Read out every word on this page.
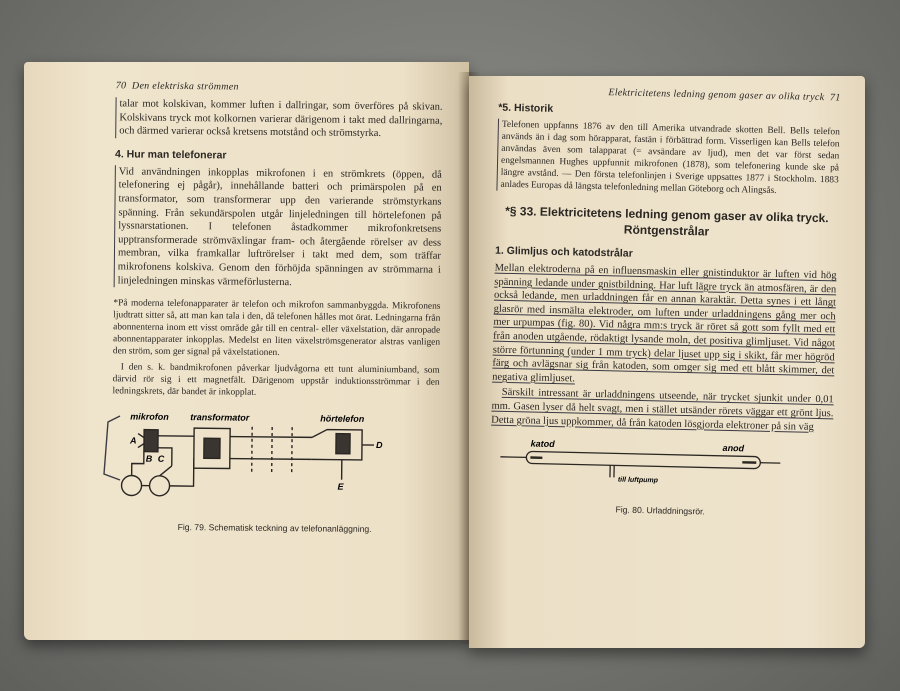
70 Den elektriska strömmen

talar mot kolskivan, kommer luften i dallringar, som överföres på skivan. Kolskivans tryck mot kolkornen varierar därigenom i takt med dallringarna, och därmed varierar också kretsens motstånd och strömstyrka.

4. Hur man telefonerar

Vid användningen inkopplas mikrofonen i en strömkrets (öppen, då telefonering ej pågår), innehållande batteri och primärspolen på en transformator, som transformerar upp den varierande strömstyrkans spänning. Från sekundärspolen utgår linjeledningen till hörtelefonen på lyssnarstationen. I telefonen åstadkommer mikrofonkretsens upptransformerade strömväxlingar fram- och återgående rörelser av dess membran, vilka framkallar luftrörelser i takt med dem, som träffar mikrofonens kolskiva. Genom den förhöjda spänningen av strömmarna i linjeledningen minskas värmeförlusterna.

*På moderna telefonapparater är telefon och mikrofon sammanbyggda. Mikrofonens ljudtratt sitter så, att man kan tala i den, då telefonen hålles mot örat. Ledningarna från abonnenterna inom ett visst område går till en central- eller växelstation, där anropade abonnentapparater inkopplas. Medelst en liten växelströmsgenerator alstras vanligen den ström, som ger signal på växelstationen.

I den s. k. bandmikrofonen påverkar ljudvågorna ett tunt aluminiumband, som därvid rör sig i ett magnetfält. Därigenom uppstår induktionsströmmar i den ledningskrets, där bandet är inkopplat.

mikrofon transformator	hörtelefon
A
B C
D
E
Fig. 79. Schematisk teckning av telefonanläggning.
Elektricitetens ledning genom gaser av olika tryck 71
*5. Historik

Telefonen uppfanns 1876 av den till Amerika utvandrade skotten Bell. Bells telefon används än i dag som hörapparat, fastän i förbättrad form. Visserligen kan Bells telefon användas även som talapparat (= avsändare av ljud), men det var först sedan engelsmannen Hughes uppfunnit mikrofonen (1878), som telefonering kunde ske på längre avstånd. — Den första telefonlinjen i Sverige uppsattes 1877 i Stockholm. 1883 anlades Europas då längsta telefonledning mellan Göteborg och Alingsås.

*§ 33. Elektricitetens ledning genom gaser av olika tryck. Röntgenstrålar
1. Glimljus och katodstrålar

Mellan elektroderna på en influensmaskin eller gnistinduktor är luften vid hög spänning ledande under gnistbildning. Har luft lägre tryck än atmosfären, är den också ledande, men urladdningen får en annan karaktär. Detta synes i ett långt glasrör med insmälta elektroder, om luften under urladdningens gång mer och mer urpumpas (fig. 80). Vid några mm:s tryck är röret så gott som fyllt med ett från anoden utgående, rödaktigt lysande moln, det positiva glimljuset. Vid något större förtunning (under 1 mm tryck) delar ljuset upp sig i skikt, får mer högröd färg och avlägsnar sig från katoden, som omger sig med ett blått skimmer, det negativa glimljuset.

Särskilt intressant är urladdningens utseende, när trycket sjunkit under 0,01 mm. Gasen lyser då helt svagt, men i stället utsänder rörets väggar ett grönt ljus. Detta gröna ljus uppkommer, då från katoden lösgjorda elektroner på sin väg

katod	anod
till luftpump
Fig. 80. Urladdningsrör.
